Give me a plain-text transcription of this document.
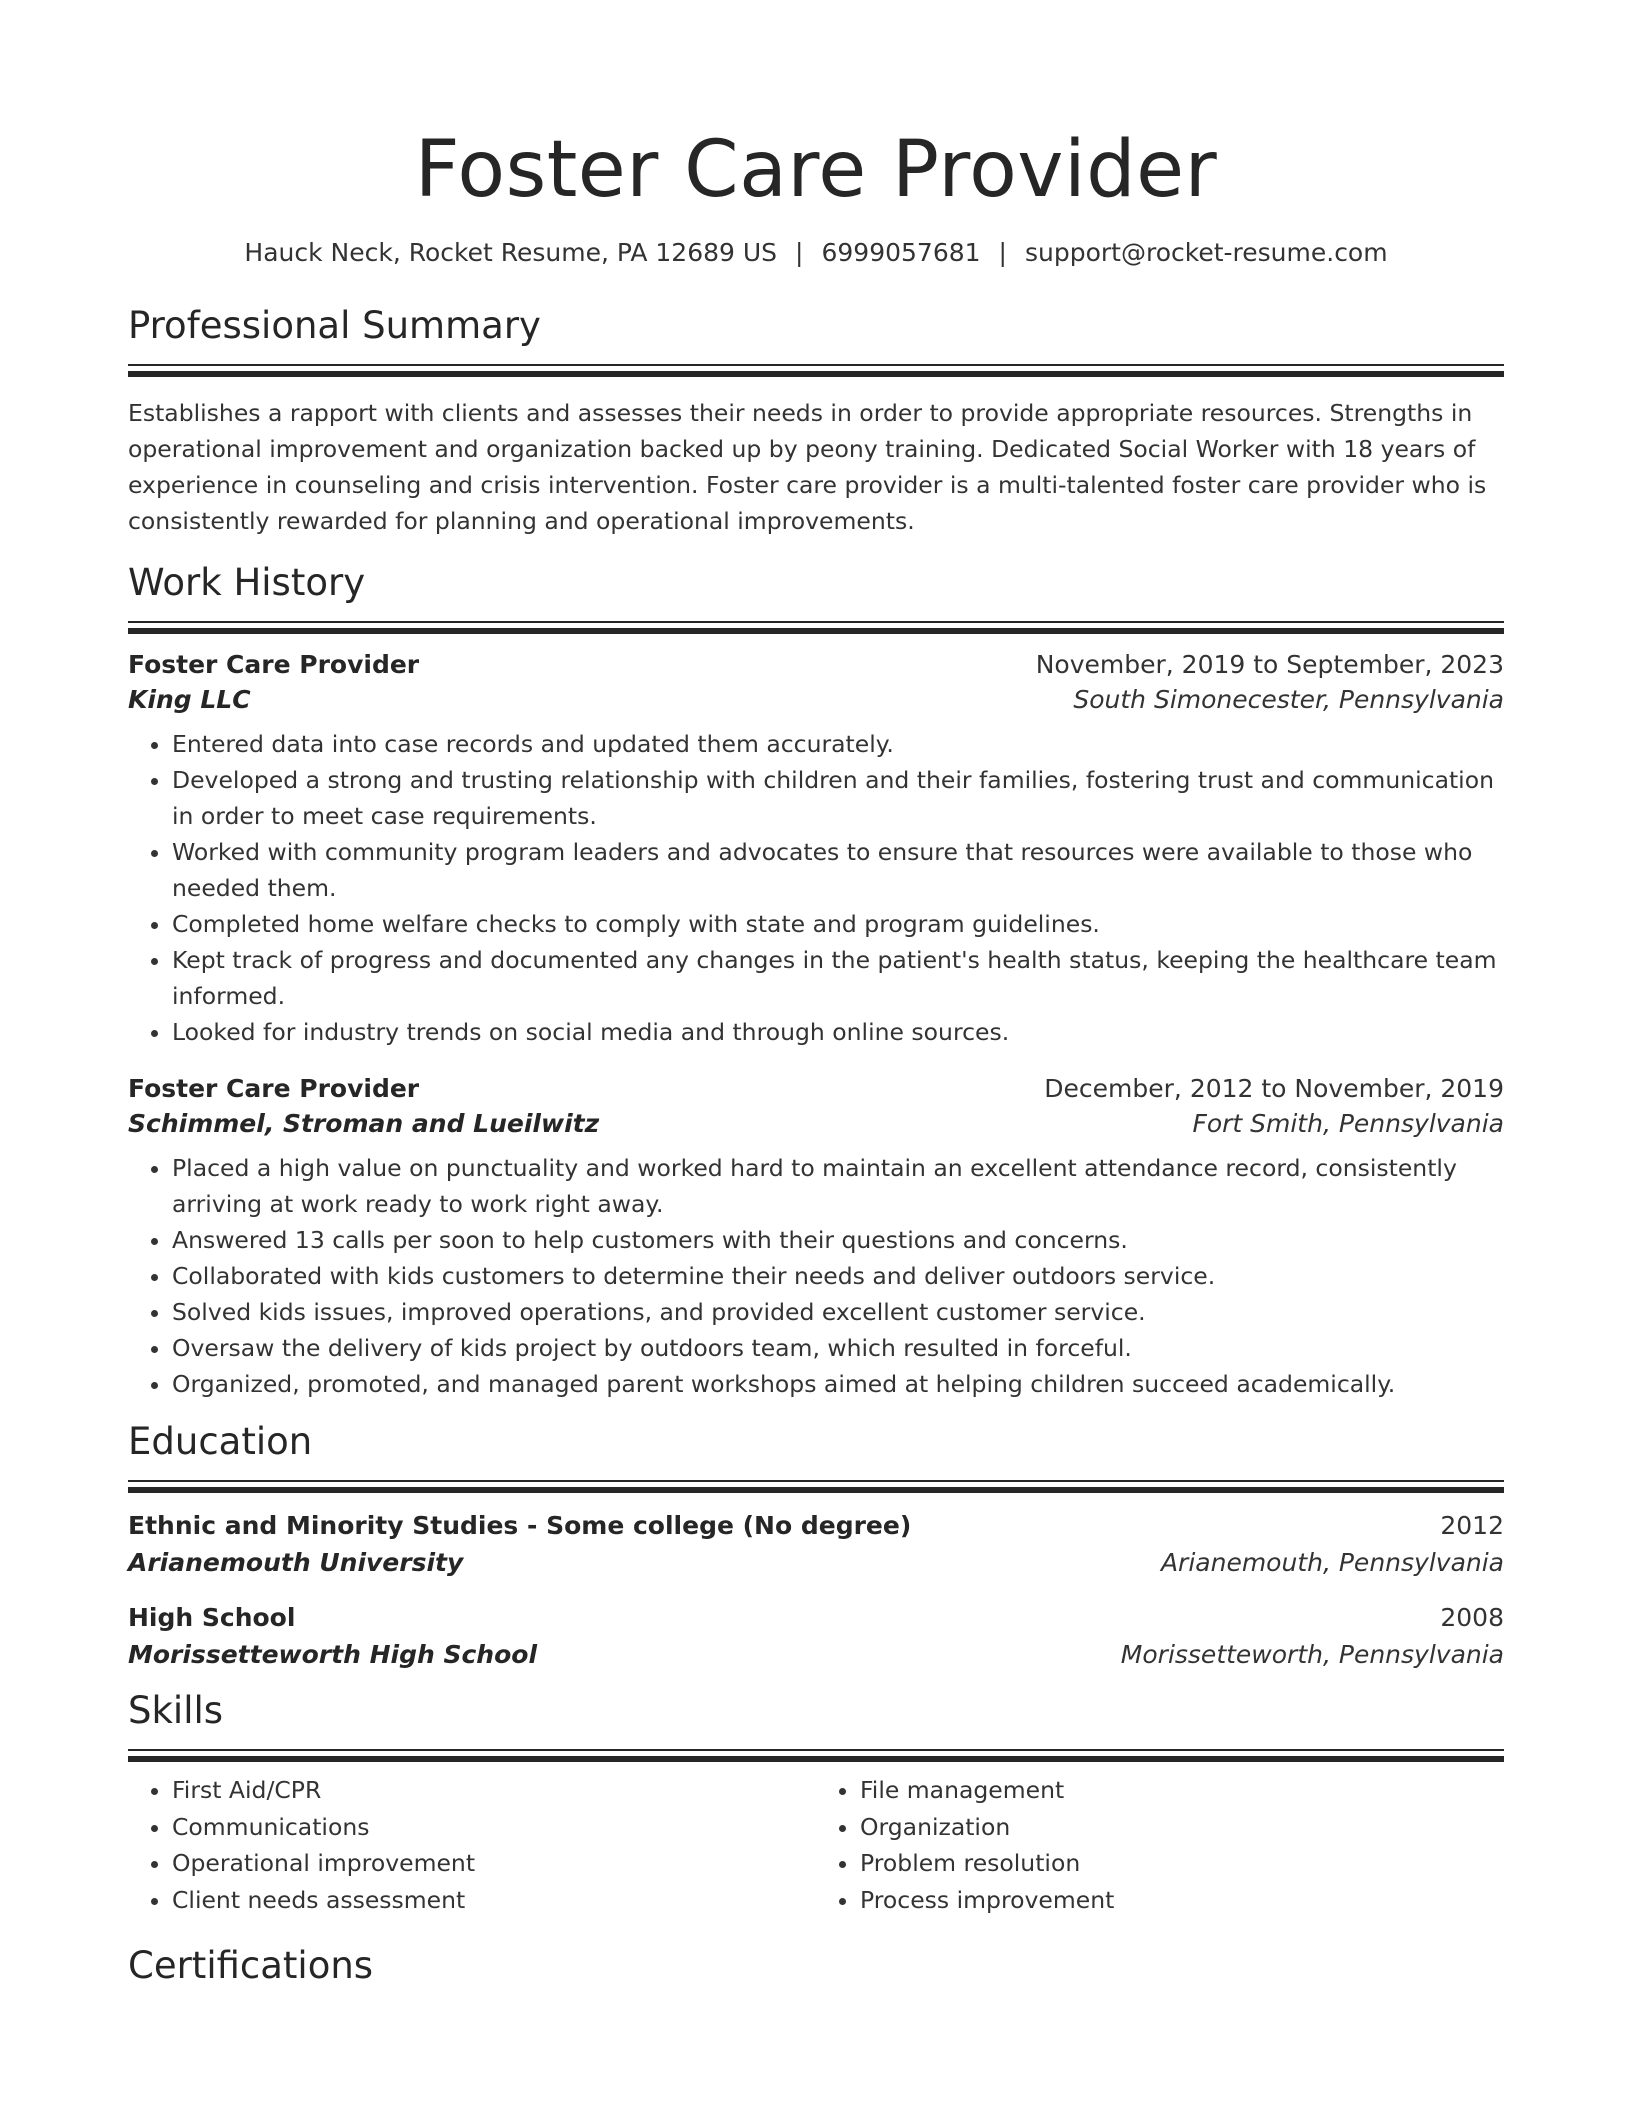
Foster Care Provider
Hauck Neck, Rocket Resume, PA 12689 US | 6999057681 | support@rocket-resume.com
Professional Summary

Establishes a rapport with clients and assesses their needs in order to provide appropriate resources. Strengths in operational improvement and organization backed up by peony training. Dedicated Social Worker with 18 years of experience in counseling and crisis intervention. Foster care provider is a multi-talented foster care provider who is consistently rewarded for planning and operational improvements.

Work History
Foster Care Provider	November, 2019 to September, 2023
King LLC	South Simonecester, Pennsylvania
• Entered data into case records and updated them accurately.
• Developed a strong and trusting relationship with children and their families, fostering trust and communication in order to meet case requirements.
• Worked with community program leaders and advocates to ensure that resources were available to those who needed them.
• Completed home welfare checks to comply with state and program guidelines.
• Kept track of progress and documented any changes in the patient's health status, keeping the healthcare team informed.
• Looked for industry trends on social media and through online sources.
Foster Care Provider	December, 2012 to November, 2019
Schimmel, Stroman and Lueilwitz	Fort Smith, Pennsylvania
• Placed a high value on punctuality and worked hard to maintain an excellent attendance record, consistently arriving at work ready to work right away.
• Answered 13 calls per soon to help customers with their questions and concerns.
• Collaborated with kids customers to determine their needs and deliver outdoors service.
• Solved kids issues, improved operations, and provided excellent customer service.
• Oversaw the delivery of kids project by outdoors team, which resulted in forceful.
• Organized, promoted, and managed parent workshops aimed at helping children succeed academically.
Education
Ethnic and Minority Studies - Some college (No degree)	2012
Arianemouth University	Arianemouth, Pennsylvania
High School	2008
Morissetteworth High School	Morissetteworth, Pennsylvania
Skills
• First Aid/CPR
• Communications
• Operational improvement
• Client needs assessment
• File management
• Organization
• Problem resolution
• Process improvement
Certifications
